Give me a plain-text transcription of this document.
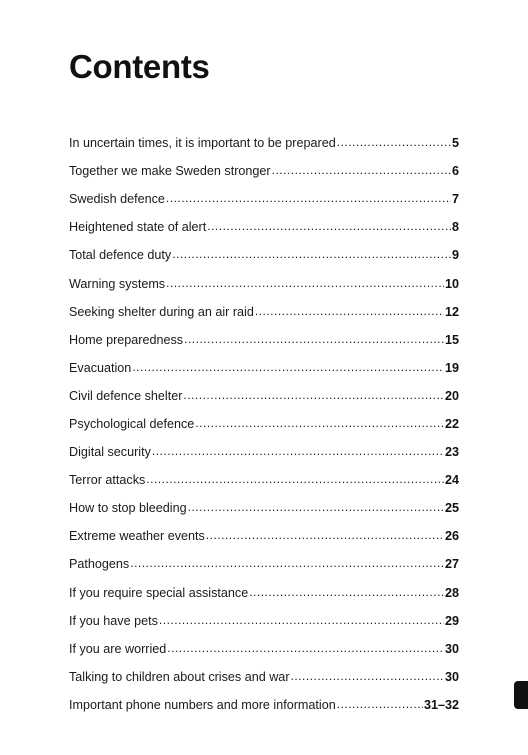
Contents
In uncertain times, it is important to be prepared .....	5
Together we make Sweden stronger .....	6
Swedish defence .....	7
Heightened state of alert .....	8
Total defence duty .....	9
Warning systems .....	10
Seeking shelter during an air raid .....	12
Home preparedness .....	15
Evacuation .....	19
Civil defence shelter .....	20
Psychological defence .....	22
Digital security .....	23
Terror attacks .....	24
How to stop bleeding .....	25
Extreme weather events .....	26
Pathogens .....	27
If you require special assistance .....	28
If you have pets .....	29
If you are worried .....	30
Talking to children about crises and war .....	30
Important phone numbers and more information .....	31–32
